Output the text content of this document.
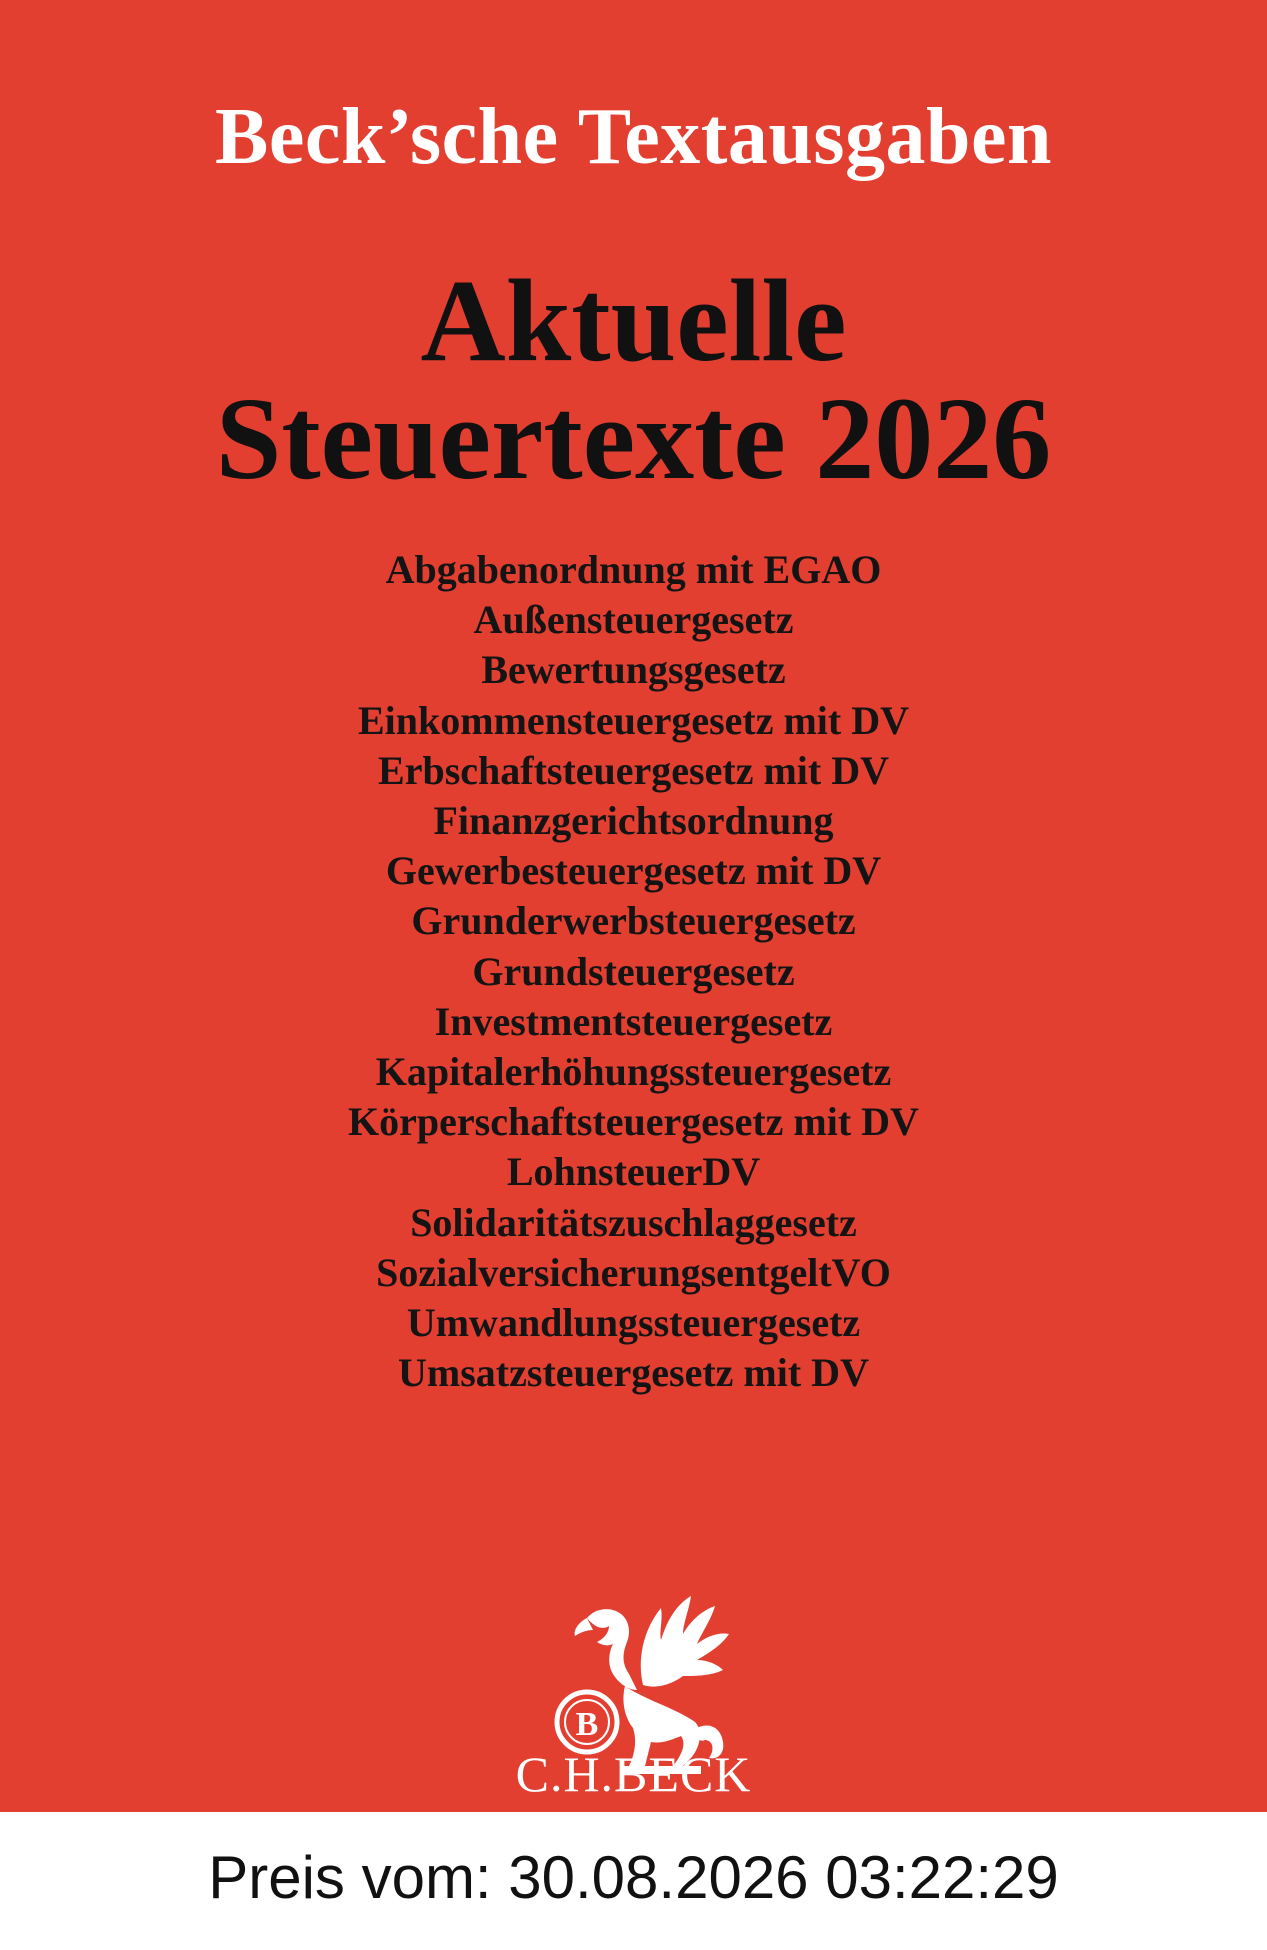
Beck’sche Textausgaben
Aktuelle
Steuertexte 2026
Abgabenordnung mit EGAO
Außensteuergesetz
Bewertungsgesetz
Einkommensteuergesetz mit DV
Erbschaftsteuergesetz mit DV
Finanzgerichtsordnung
Gewerbesteuergesetz mit DV
Grunderwerbsteuergesetz
Grundsteuergesetz
Investmentsteuergesetz
Kapitalerhöhungssteuergesetz
Körperschaftsteuergesetz mit DV
LohnsteuerDV
Solidaritätszuschlaggesetz
SozialversicherungsentgeltVO
Umwandlungssteuergesetz
Umsatzsteuergesetz mit DV
B
C.H.BECK
Preis vom: 30.08.2026 03:22:29
